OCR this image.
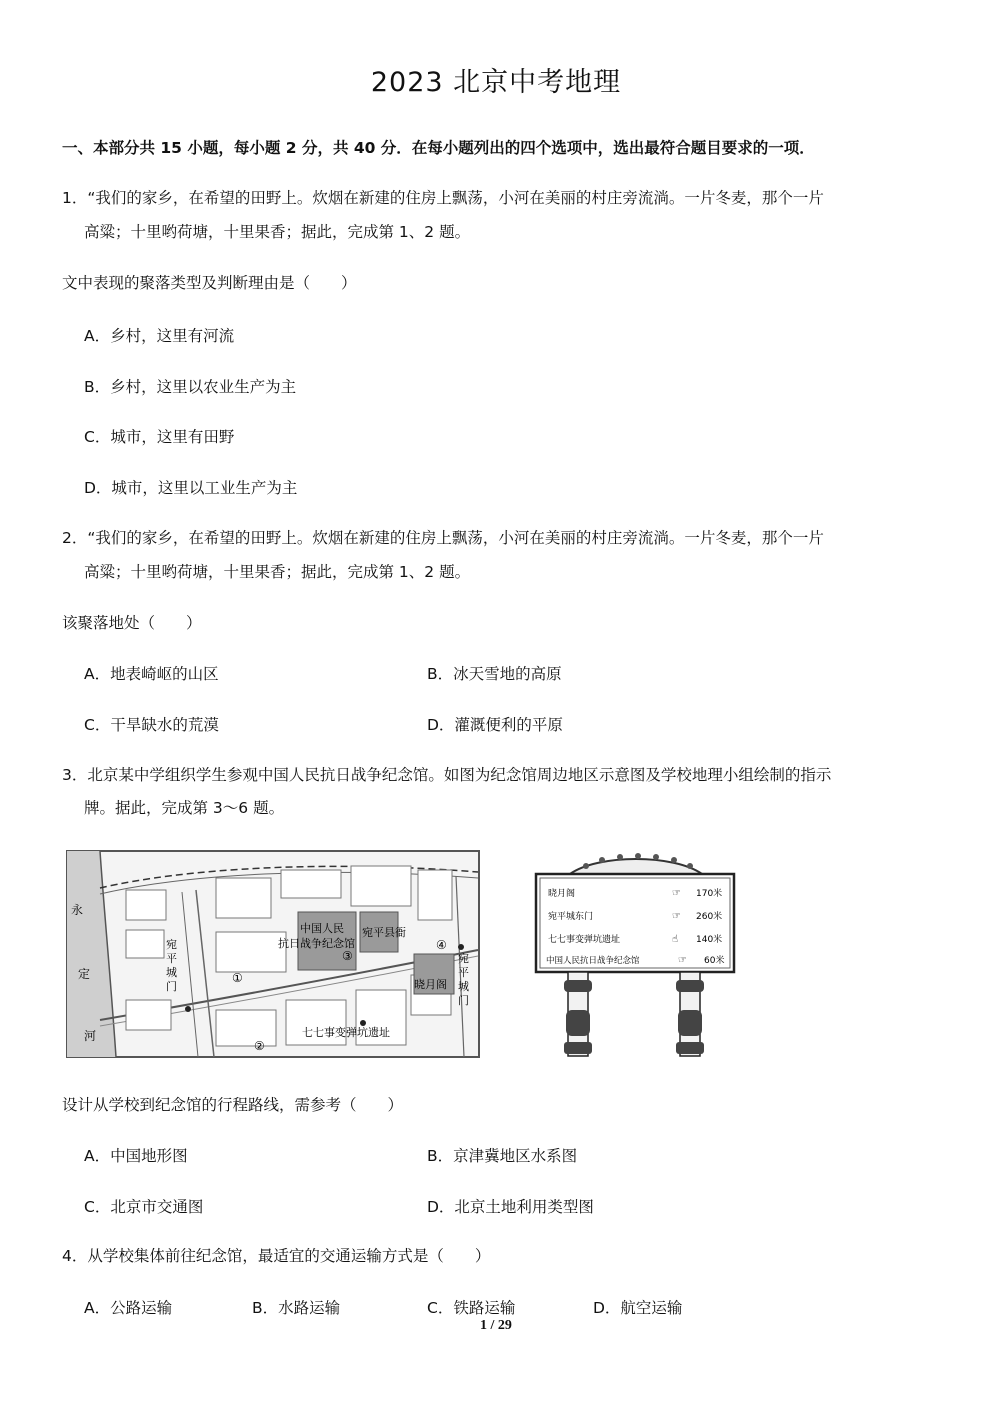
2023 北京中考地理
一、本部分共 15 小题，每小题 2 分，共 40 分．在每小题列出的四个选项中，选出最符合题目要求的一项．
1．“我们的家乡，在希望的田野上。炊烟在新建的住房上飘荡，小河在美丽的村庄旁流淌。一片冬麦，那个一片
高粱；十里哟荷塘，十里果香；据此，完成第 1、2 题。
文中表现的聚落类型及判断理由是（　　）
A．乡村，这里有河流
B．乡村，这里以农业生产为主
C．城市，这里有田野
D．城市，这里以工业生产为主
2．“我们的家乡，在希望的田野上。炊烟在新建的住房上飘荡，小河在美丽的村庄旁流淌。一片冬麦，那个一片
高粱；十里哟荷塘，十里果香；据此，完成第 1、2 题。
该聚落地处（　　）
A．地表崎岖的山区	B．冰天雪地的高原
C．干旱缺水的荒漠	D．灌溉便利的平原
3．北京某中学组织学生参观中国人民抗日战争纪念馆。如图为纪念馆周边地区示意图及学校地理小组绘制的指示
牌。据此，完成第 3～6 题。
永
定
河
中国人民
抗日战争纪念馆
宛平县衙
晓月阁
宛
平
城
门
宛
平
城
门
七七事变弹坑遗址
①
②
③
④
晓月阁	☞ 170米
宛平城东门	☞ 260米
七七事变弹坑遗址	☝ 140米
中国人民抗日战争纪念馆	☞ 60米
设计从学校到纪念馆的行程路线，需参考（　　）
A．中国地形图	B．京津冀地区水系图
C．北京市交通图	D．北京土地利用类型图
4．从学校集体前往纪念馆，最适宜的交通运输方式是（　　）
A．公路运输	B．水路运输	C．铁路运输	D．航空运输
1 / 29
